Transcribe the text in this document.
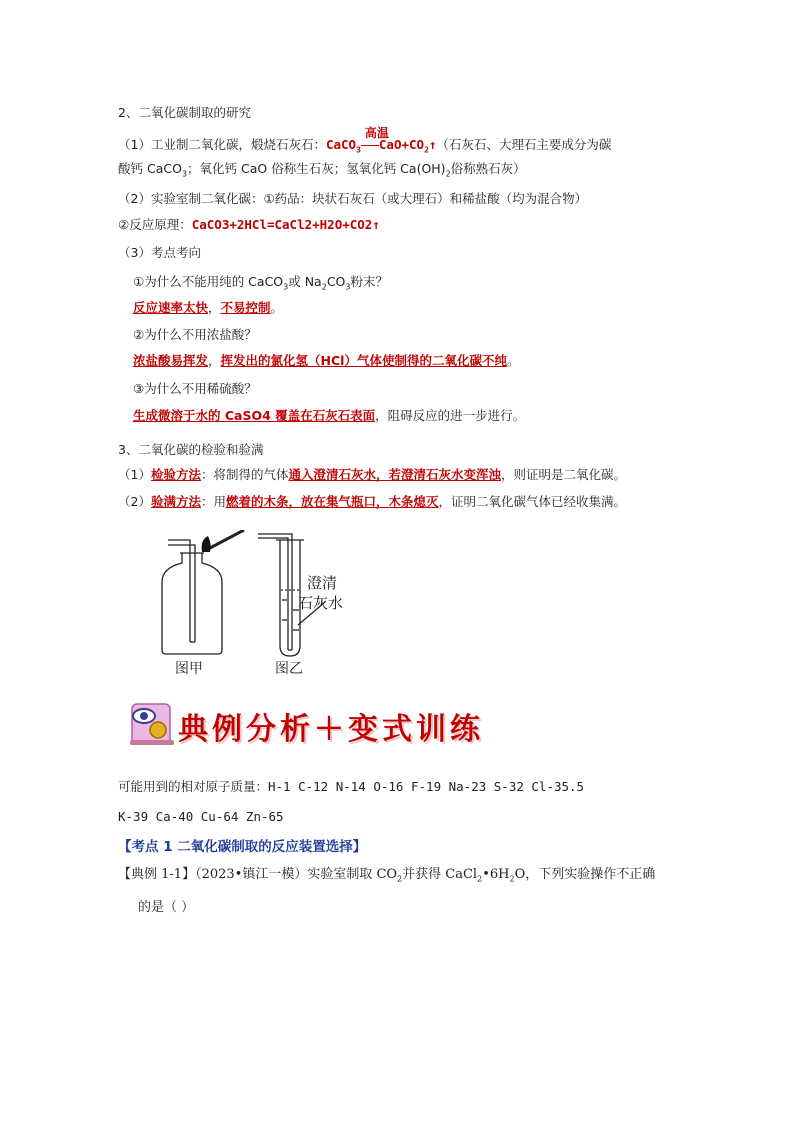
2、二氧化碳制取的研究
（1）工业制二氧化碳，煅烧石灰石：CaCO$_3$
高温
$CaO+CO_2↑$（石灰石、大理石主要成分为碳
酸钙 CaCO$_3$；氧化钙 CaO 俗称生石灰；氢氧化钙 $Ca(OH)_2$俗称熟石灰）
（2）实验室制二氧化碳：①药品：块状石灰石（或大理石）和稀盐酸（均为混合物）
②反应原理：CaCO3+2HCl=CaCl2+H2O+CO2↑
（3）考点考向
①为什么不能用纯的 CaCO$_3$或 $Na_2CO_3$粉末？
反应速率太快，不易控制。
②为什么不用浓盐酸？
浓盐酸易挥发，挥发出的氯化氢（HCl）气体使制得的二氧化碳不纯。
③为什么不用稀硫酸？
生成微溶于水的 CaSO4 覆盖在石灰石表面，阻碍反应的进一步进行。
3、二氧化碳的检验和验满
（1）检验方法：将制得的气体通入澄清石灰水，若澄清石灰水变浑浊，则证明是二氧化碳。
（2）验满方法：用燃着的木条，放在集气瓶口，木条熄灭，证明二氧化碳气体已经收集满。
澄清
石灰水
图甲	图乙
典例分析＋变式训练
可能用到的相对原子质量：H-1 C-12 N-14 O-16 F-19 Na-23 S-32 Cl-35.5
K-39 Ca-40 Cu-64 Zn-65
【考点 1 二氧化碳制取的反应装置选择】
【典例 1-1】（2023•镇江一模）实验室制取 $CO_2$并获得 $CaCl_2•6H_2O$，下列实验操作不正确
的是（ ）
